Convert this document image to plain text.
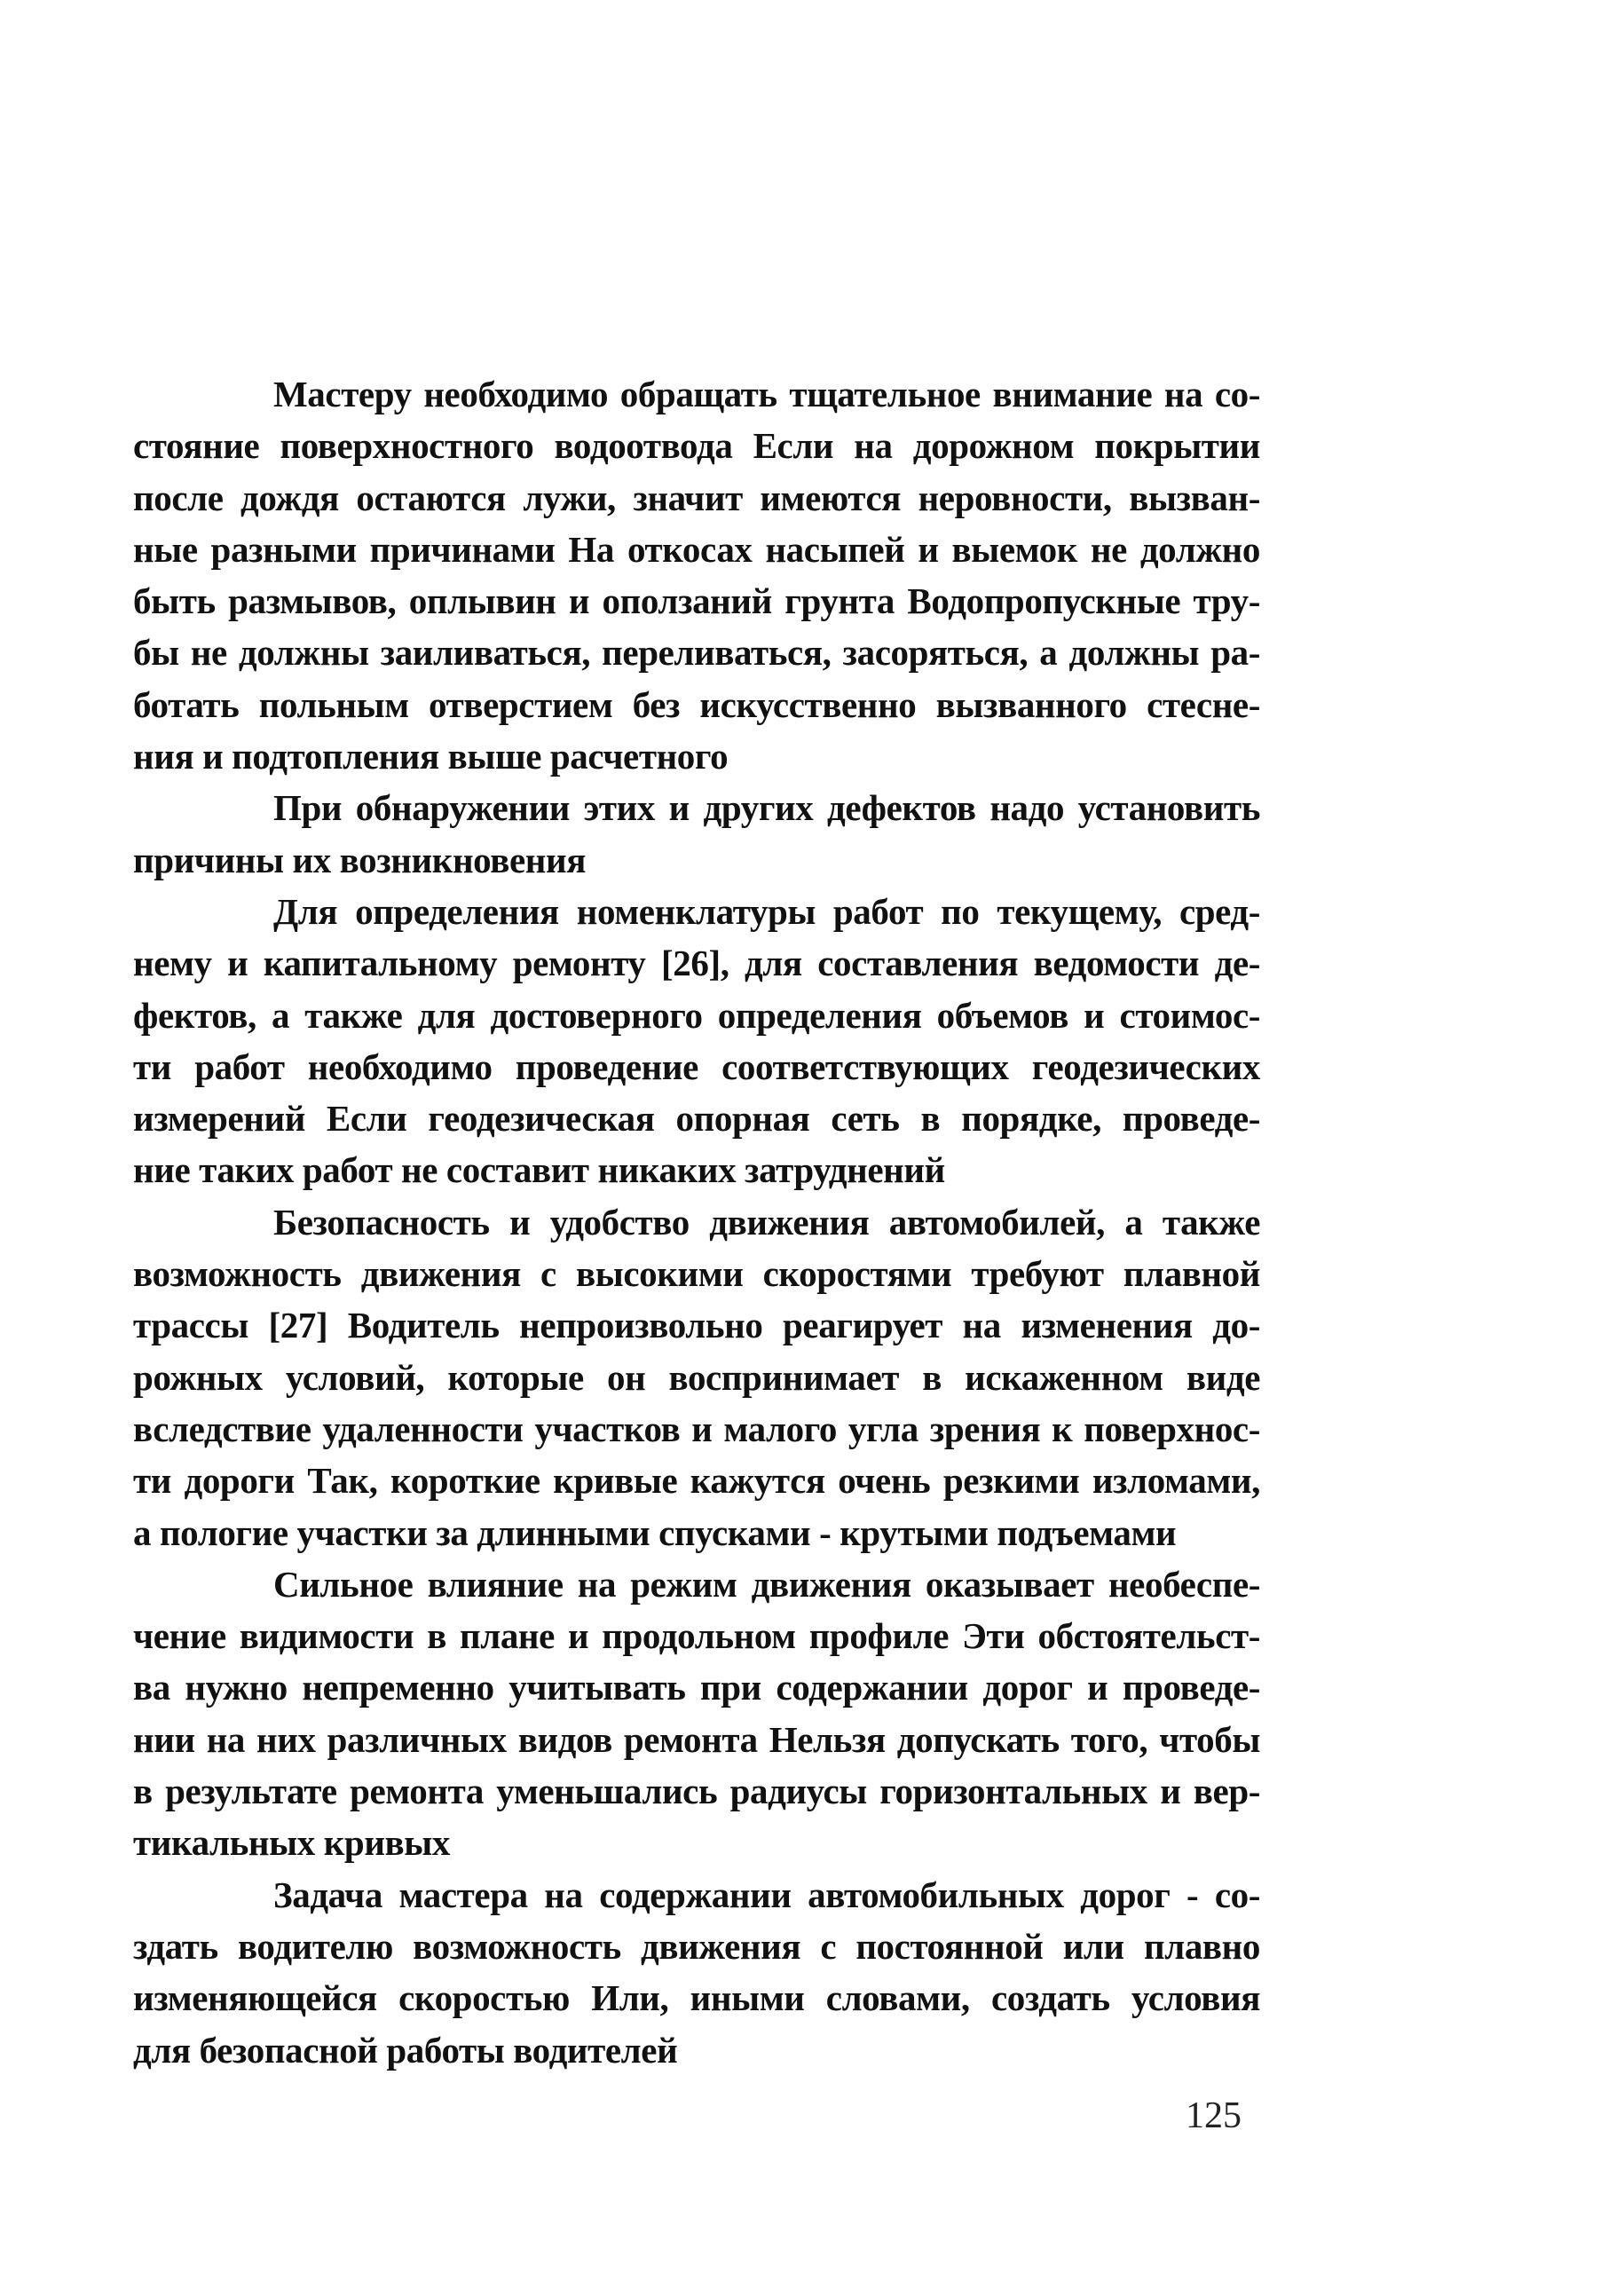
Мастеру необходимо обращать тщательное внимание на со-
стояние поверхностного водоотвода Если на дорожном покрытии
после дождя остаются лужи, значит имеются неровности, вызван-
ные разными причинами На откосах насыпей и выемок не должно
быть размывов, оплывин и оползаний грунта Водопропускные тру-
бы не должны заиливаться, переливаться, засоряться, а должны ра-
ботать польным отверстием без искусственно вызванного стесне-
ния и подтопления выше расчетного
При обнаружении этих и других дефектов надо установить
причины их возникновения
Для определения номенклатуры работ по текущему, сред-
нему и капитальному ремонту [26], для составления ведомости де-
фектов, а также для достоверного определения объемов и стоимос-
ти работ необходимо проведение соответствующих геодезических
измерений Если геодезическая опорная сеть в порядке, проведе-
ние таких работ не составит никаких затруднений
Безопасность и удобство движения автомобилей, а также
возможность движения с высокими скоростями требуют плавной
трассы [27] Водитель непроизвольно реагирует на изменения до-
рожных условий, которые он воспринимает в искаженном виде
вследствие удаленности участков и малого угла зрения к поверхнос-
ти дороги Так, короткие кривые кажутся очень резкими изломами,
а пологие участки за длинными спусками - крутыми подъемами
Сильное влияние на режим движения оказывает необеспе-
чение видимости в плане и продольном профиле Эти обстоятельст-
ва нужно непременно учитывать при содержании дорог и проведе-
нии на них различных видов ремонта Нельзя допускать того, чтобы
в результате ремонта уменьшались радиусы горизонтальных и вер-
тикальных кривых
Задача мастера на содержании автомобильных дорог - со-
здать водителю возможность движения с постоянной или плавно
изменяющейся скоростью Или, иными словами, создать условия
для безопасной работы водителей
125
